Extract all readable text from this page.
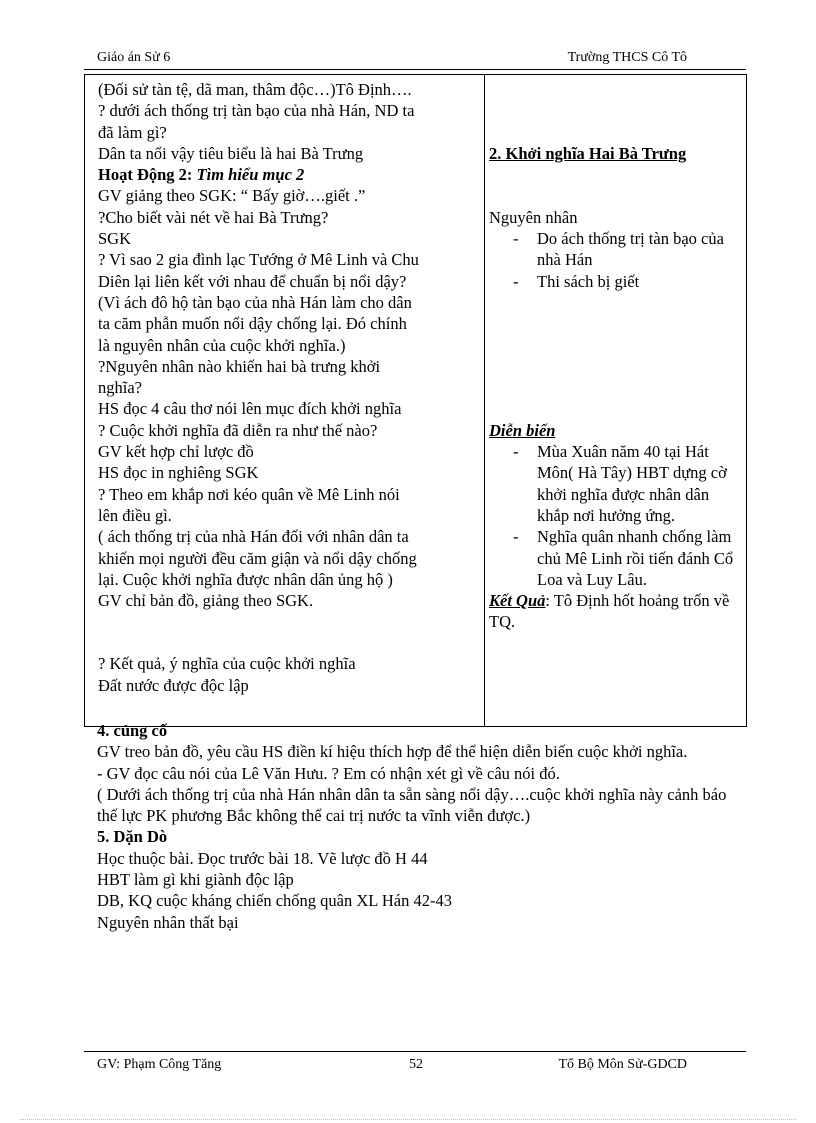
Giáo án Sử 6	Trường THCS Cô Tô
(Đối sử tàn tệ, dã man, thâm độc…)Tô Định….
? dưới ách thống trị tàn bạo của nhà Hán, ND ta
đã làm gì?
Dân ta nổi vậy tiêu biểu là hai Bà Trưng
Hoạt Động 2: Tìm hiểu mục 2
GV giảng theo SGK: “ Bấy giờ….giết .”
?Cho biết vài nét về hai Bà Trưng?
SGK
? Vì sao 2 gia đình lạc Tướng ở Mê Linh và Chu
Diên lại liên kết với nhau để chuẩn bị nổi dậy?
(Vì ách đô hộ tàn bạo của nhà Hán làm cho dân
ta căm phẫn muốn nổi dậy chống lại. Đó chính
là nguyên nhân của cuộc khởi nghĩa.)
?Nguyên nhân nào khiến hai bà trưng khởi
nghĩa?
HS đọc 4 câu thơ nói lên mục đích khởi nghĩa
? Cuộc khởi nghĩa đã diễn ra như thế nào?
GV kết hợp chỉ lược đồ
HS đọc in nghiêng SGK
? Theo em khắp nơi kéo quân về Mê Linh nói
lên điều gì.
( ách thống trị của nhà Hán đối với nhân dân ta
khiến mọi người đều căm giận và nổi dậy chống
lại. Cuộc khởi nghĩa được nhân dân ủng hộ )
GV chỉ bản đồ, giảng theo SGK.
? Kết quả, ý nghĩa của cuộc khởi nghĩa
Đất nước được độc lập

2. Khởi nghĩa Hai Bà Trưng
Nguyên nhân
- Do ách thống trị tàn bạo của nhà Hán
- Thi sách bị giết
Diễn biến
- Mùa Xuân năm 40 tại Hát Môn( Hà Tây) HBT dựng cờ khởi nghĩa được nhân dân khắp nơi hưởng ứng.
- Nghĩa quân nhanh chống làm chủ Mê Linh rồi tiến đánh Cổ Loa và Luy Lâu.
Kết Quả: Tô Định hốt hoảng trốn về TQ.

4. củng cố

GV treo bản đồ, yêu cầu HS điền kí hiệu thích hợp để thể hiện diễn biến cuộc khởi nghĩa.

- GV đọc câu nói của Lê Văn Hưu. ? Em có nhận xét gì về câu nói đó.

( Dưới ách thống trị của nhà Hán nhân dân ta sẵn sàng nổi dậy….cuộc khởi nghĩa này cảnh báo thế lực PK phương Bắc không thể cai trị nước ta vĩnh viễn được.)

5. Dặn Dò

Học thuộc bài. Đọc trước bài 18. Vẽ lược đồ H 44

HBT làm gì khi giành độc lập

DB, KQ cuộc kháng chiến chống quân XL Hán 42-43

Nguyên nhân thất bại

GV: Phạm Công Tăng	52	Tổ Bộ Môn Sử-GDCD
